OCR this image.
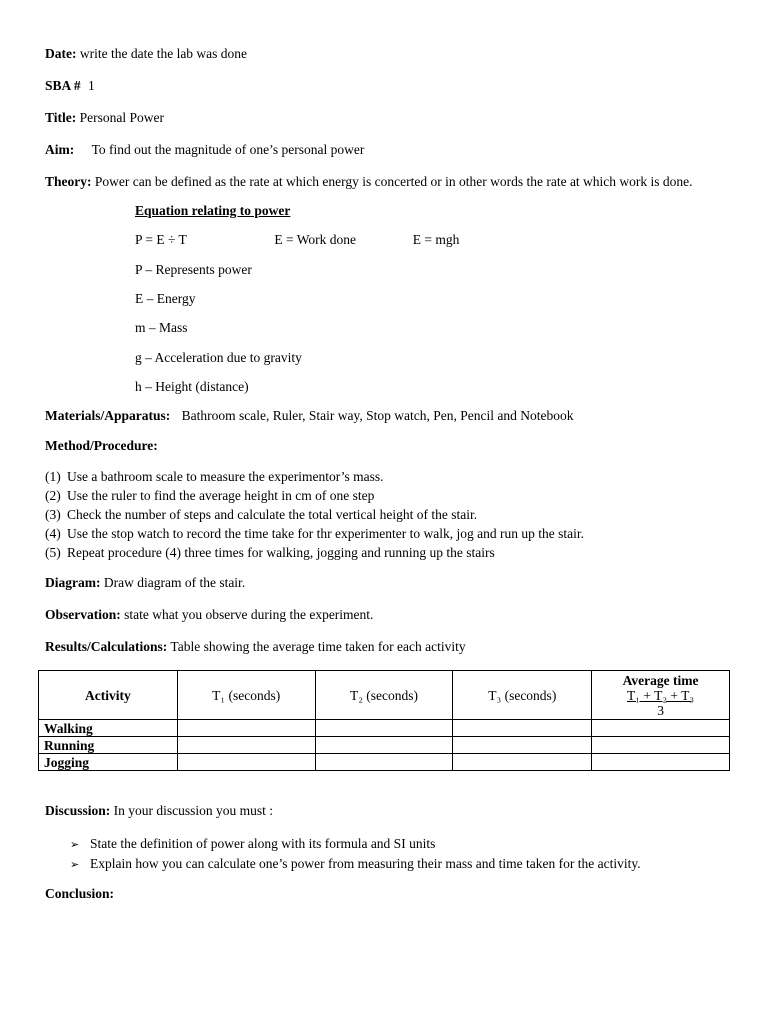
Date: write the date the lab was done
SBA # 1
Title: Personal Power
Aim: To find out the magnitude of one’s personal power
Theory: Power can be defined as the rate at which energy is concerted or in other words the rate at which work is done.
Equation relating to power
P = E ÷ T	E = Work done	E = mgh
P – Represents power
E – Energy
m – Mass
g – Acceleration due to gravity
h – Height (distance)
Materials/Apparatus: Bathroom scale, Ruler, Stair way, Stop watch, Pen, Pencil and Notebook
Method/Procedure:
(1) Use a bathroom scale to measure the experimentor’s mass.
(2) Use the ruler to find the average height in cm of one step
(3) Check the number of steps and calculate the total vertical height of the stair.
(4) Use the stop watch to record the time take for thr experimenter to walk, jog and run up the stair.
(5) Repeat procedure (4) three times for walking, jogging and running up the stairs
Diagram: Draw diagram of the stair.
Observation: state what you observe during the experiment.
Results/Calculations: Table showing the average time taken for each activity
Activity	T₁ (seconds)	T₂ (seconds)	T₃ (seconds)	Average time
T₁ + T₂ + T₃
3

Walking				
Running				
Jogging				
Discussion: In your discussion you must :
➢ State the definition of power along with its formula and SI units
➢ Explain how you can calculate one’s power from measuring their mass and time taken for the activity.
Conclusion:
